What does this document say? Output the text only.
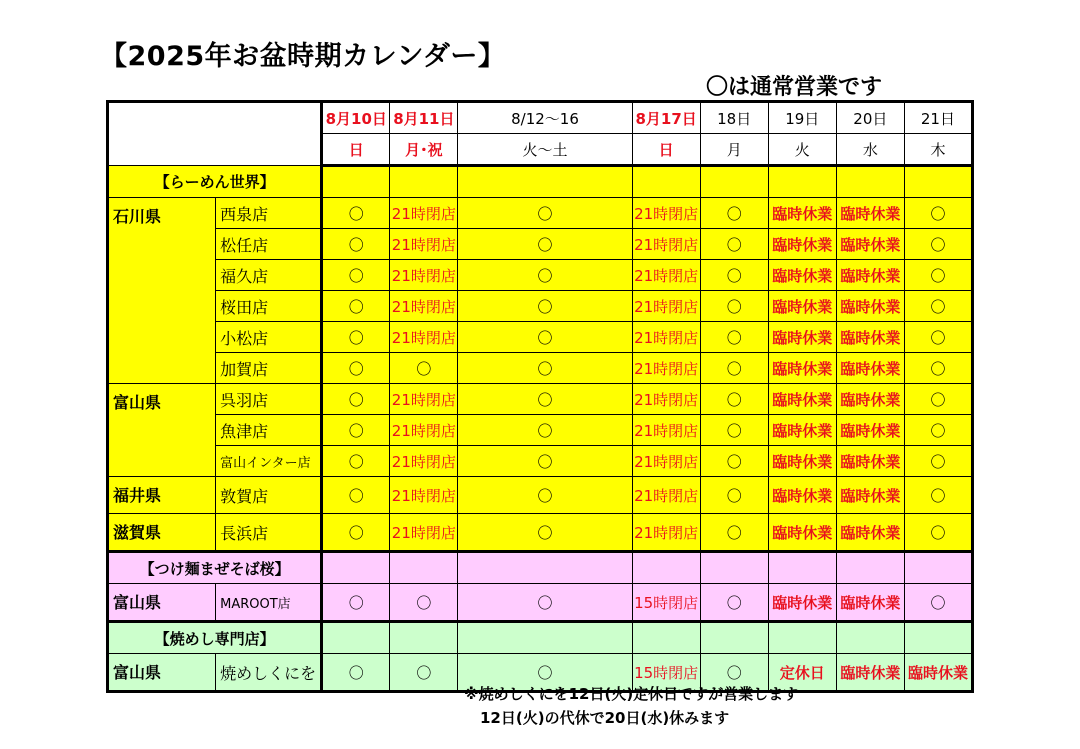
【2025年お盆時期カレンダー】
〇は通常営業です
		8月10日	8月11日	8/12～16	8月17日	18日	19日	20日	21日
		日	月･祝	火～土	日	月	火	水	木
【らーめん世界】									
石川県	西泉店	〇	21時閉店	〇	21時閉店	〇	臨時休業	臨時休業	〇
	松任店	〇	21時閉店	〇	21時閉店	〇	臨時休業	臨時休業	〇
	福久店	〇	21時閉店	〇	21時閉店	〇	臨時休業	臨時休業	〇
	桜田店	〇	21時閉店	〇	21時閉店	〇	臨時休業	臨時休業	〇
	小松店	〇	21時閉店	〇	21時閉店	〇	臨時休業	臨時休業	〇
	加賀店	〇	〇	〇	21時閉店	〇	臨時休業	臨時休業	〇
富山県	呉羽店	〇	21時閉店	〇	21時閉店	〇	臨時休業	臨時休業	〇
	魚津店	〇	21時閉店	〇	21時閉店	〇	臨時休業	臨時休業	〇
	富山インター店	〇	21時閉店	〇	21時閉店	〇	臨時休業	臨時休業	〇
福井県	敦賀店	〇	21時閉店	〇	21時閉店	〇	臨時休業	臨時休業	〇
滋賀県	長浜店	〇	21時閉店	〇	21時閉店	〇	臨時休業	臨時休業	〇
【つけ麺まぜそば桜】									
富山県	MAROOT店	〇	〇	〇	15時閉店	〇	臨時休業	臨時休業	〇
【焼めし専門店】									
富山県	焼めしくにを	〇	〇	〇	15時閉店	〇	定休日	臨時休業	臨時休業
※焼めしくにを12日(火)定休日ですが営業します
12日(火)の代休で20日(水)休みます
